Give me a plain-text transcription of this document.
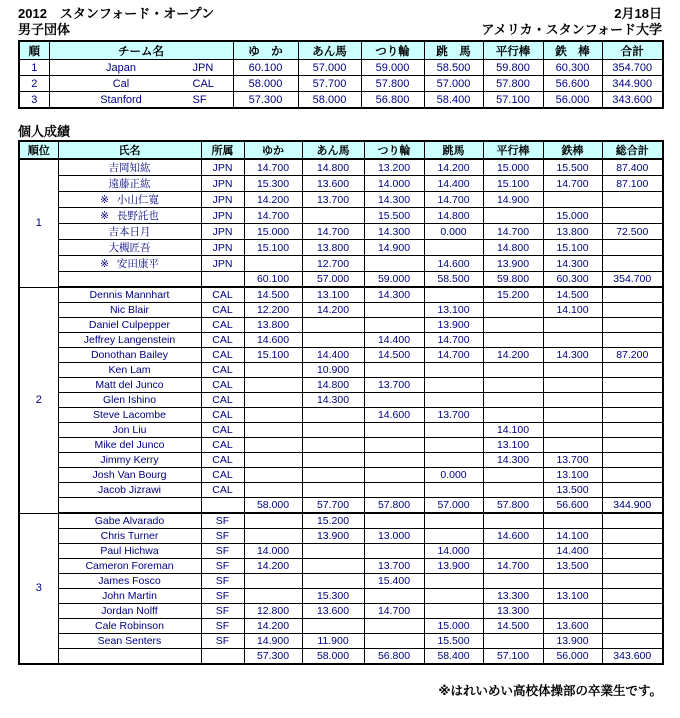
2012　スタンフォード・オープン	2月18日
男子団体	アメリカ・スタンフォード大学
順	チーム名	ゆ　か	あん馬	つり輪	跳　馬	平行棒	鉄　棒	合計
1	Japan JPN	60.100	57.000	59.000	58.500	59.800	60.300	354.700
2	Cal CAL	58.000	57.700	57.800	57.000	57.800	56.600	344.900
3	Stanford SF	57.300	58.000	56.800	58.400	57.100	56.000	343.600
個人成績
順位	氏名	所属	ゆか	あん馬	つり輪	跳馬	平行棒	鉄棒	総合計
1	吉岡知紘	JPN	14.700	14.800	13.200	14.200	15.000	15.500	87.400
	遠藤正紘	JPN	15.300	13.600	14.000	14.400	15.100	14.700	87.100
	※ 小山仁寛	JPN	14.200	13.700	14.300	14.700	14.900		
	※ 長野託也	JPN	14.700		15.500	14.800		15.000	
	吉本日月	JPN	15.000	14.700	14.300	0.000	14.700	13.800	72.500
	大槻匠吾	JPN	15.100	13.800	14.900		14.800	15.100	
	※ 安田康平	JPN		12.700		14.600	13.900	14.300	
			60.100	57.000	59.000	58.500	59.800	60.300	354.700
2	Dennis Mannhart	CAL	14.500	13.100	14.300		15.200	14.500	
	Nic Blair	CAL	12.200	14.200		13.100		14.100	
	Daniel Culpepper	CAL	13.800			13.900			
	Jeffrey Langenstein	CAL	14.600		14.400	14.700			
	Donothan Bailey	CAL	15.100	14.400	14.500	14.700	14.200	14.300	87.200
	Ken Lam	CAL		10.900					
	Matt del Junco	CAL		14.800	13.700				
	Glen Ishino	CAL		14.300					
	Steve Lacombe	CAL			14.600	13.700			
	Jon Liu	CAL					14.100		
	Mike del Junco	CAL					13.100		
	Jimmy Kerry	CAL					14.300	13.700	
	Josh Van Bourg	CAL				0.000		13.100	
	Jacob Jizrawi	CAL						13.500	
			58.000	57.700	57.800	57.000	57.800	56.600	344.900
3	Gabe Alvarado	SF		15.200					
	Chris Turner	SF		13.900	13.000		14.600	14.100	
	Paul Hichwa	SF	14.000			14.000		14.400	
	Cameron Foreman	SF	14.200		13.700	13.900	14.700	13.500	
	James Fosco	SF			15.400				
	John Martin	SF		15.300			13.300	13.100	
	Jordan Nolff	SF	12.800	13.600	14.700		13.300		
	Cale Robinson	SF	14.200			15.000	14.500	13.600	
	Sean Senters	SF	14.900	11.900		15.500		13.900	
			57.300	58.000	56.800	58.400	57.100	56.000	343.600
※はれいめい高校体操部の卒業生です。
